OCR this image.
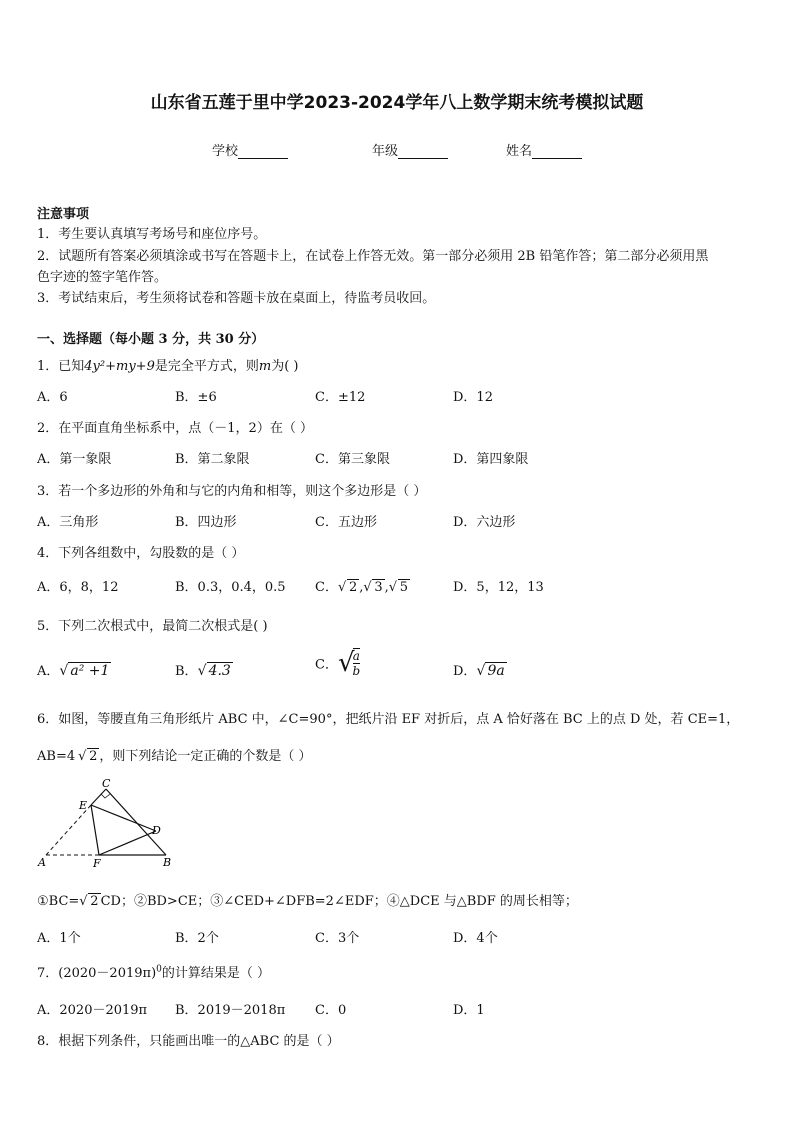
山东省五莲于里中学2023-2024学年八上数学期末统考模拟试题
学校	年级	姓名
注意事项
1．考生要认真填写考场号和座位序号。
2．试题所有答案必须填涂或书写在答题卡上，在试卷上作答无效。第一部分必须用 2B 铅笔作答；第二部分必须用黑
色字迹的签字笔作答。
3．考试结束后，考生须将试卷和答题卡放在桌面上，待监考员收回。
一、选择题（每小题 3 分，共 30 分）
1．已知4y²+my+9是完全平方式，则m为( )
A．6	B．±6	C．±12	D．12
2．在平面直角坐标系中，点（－1，2）在（ ）
A．第一象限	B．第二象限	C．第三象限	D．第四象限
3．若一个多边形的外角和与它的内角和相等，则这个多边形是（ ）
A．三角形	B．四边形	C．五边形	D．六边形
4．下列各组数中，勾股数的是（ ）
A．6，8，12	B．0.3，0.4，0.5 C． √ 2 , √ 3 , √ 5	D．5，12，13
5．下列二次根式中，最简二次根式是( )
A． √ a² +1	B． √ 4.3	C．√
$\frac{a}{b}$	D． √ 9a
6．如图，等腰直角三角形纸片 ABC 中，∠C=90°，把纸片沿 EF 对折后，点 A 恰好落在 BC 上的点 D 处，若 CE=1，
AB=4 √ 2 ，则下列结论一定正确的个数是（ ）
A	B
C
D
E
F
①BC= √ 2 CD；②BD>CE；③∠CED+∠DFB=2∠EDF；④△DCE 与△BDF 的周长相等；
A．1个	B．2个	C．3个	D．4个
7．$(2020-2019\pi)^0$的计算结果是（ ）
A．2020－2019π B．2019－2018π C．0	D．1
8．根据下列条件，只能画出唯一的△ABC 的是（ ）
